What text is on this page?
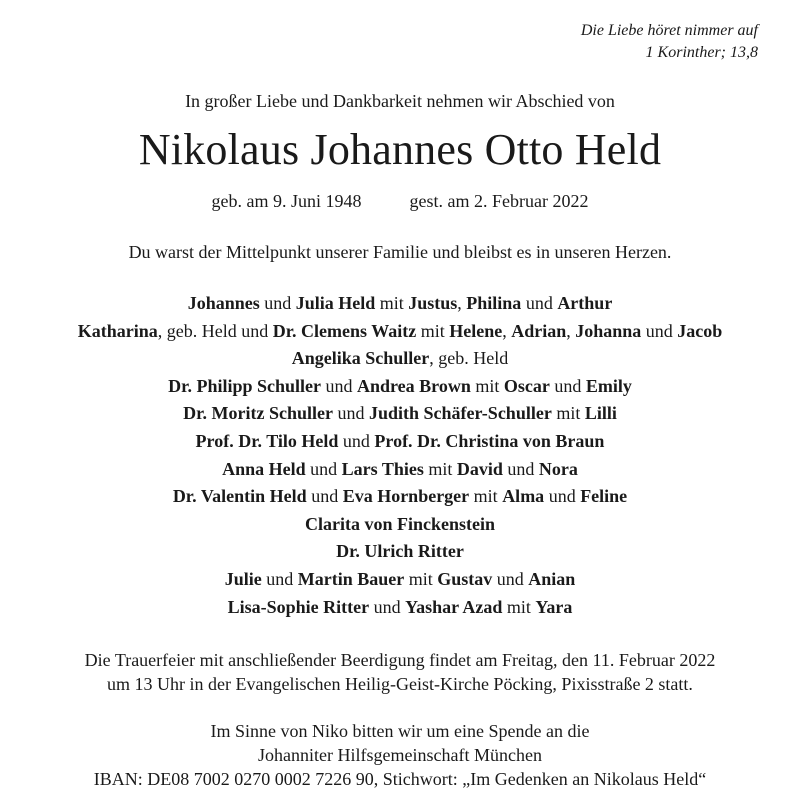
Die Liebe höret nimmer auf
1 Korinther; 13,8
In großer Liebe und Dankbarkeit nehmen wir Abschied von
Nikolaus Johannes Otto Held
geb. am 9. Juni 1948	gest. am 2. Februar 2022
Du warst der Mittelpunkt unserer Familie und bleibst es in unseren Herzen.
Johannes und Julia Held mit Justus, Philina und Arthur
Katharina, geb. Held und Dr. Clemens Waitz mit Helene, Adrian, Johanna und Jacob
Angelika Schuller, geb. Held
Dr. Philipp Schuller und Andrea Brown mit Oscar und Emily
Dr. Moritz Schuller und Judith Schäfer-Schuller mit Lilli
Prof. Dr. Tilo Held und Prof. Dr. Christina von Braun
Anna Held und Lars Thies mit David und Nora
Dr. Valentin Held und Eva Hornberger mit Alma und Feline
Clarita von Finckenstein
Dr. Ulrich Ritter
Julie und Martin Bauer mit Gustav und Anian
Lisa-Sophie Ritter und Yashar Azad mit Yara
Die Trauerfeier mit anschließender Beerdigung findet am Freitag, den 11. Februar 2022
um 13 Uhr in der Evangelischen Heilig-Geist-Kirche Pöcking, Pixisstraße 2 statt.
Im Sinne von Niko bitten wir um eine Spende an die
Johanniter Hilfsgemeinschaft München
IBAN: DE08 7002 0270 0002 7226 90, Stichwort: „Im Gedenken an Nikolaus Held“
